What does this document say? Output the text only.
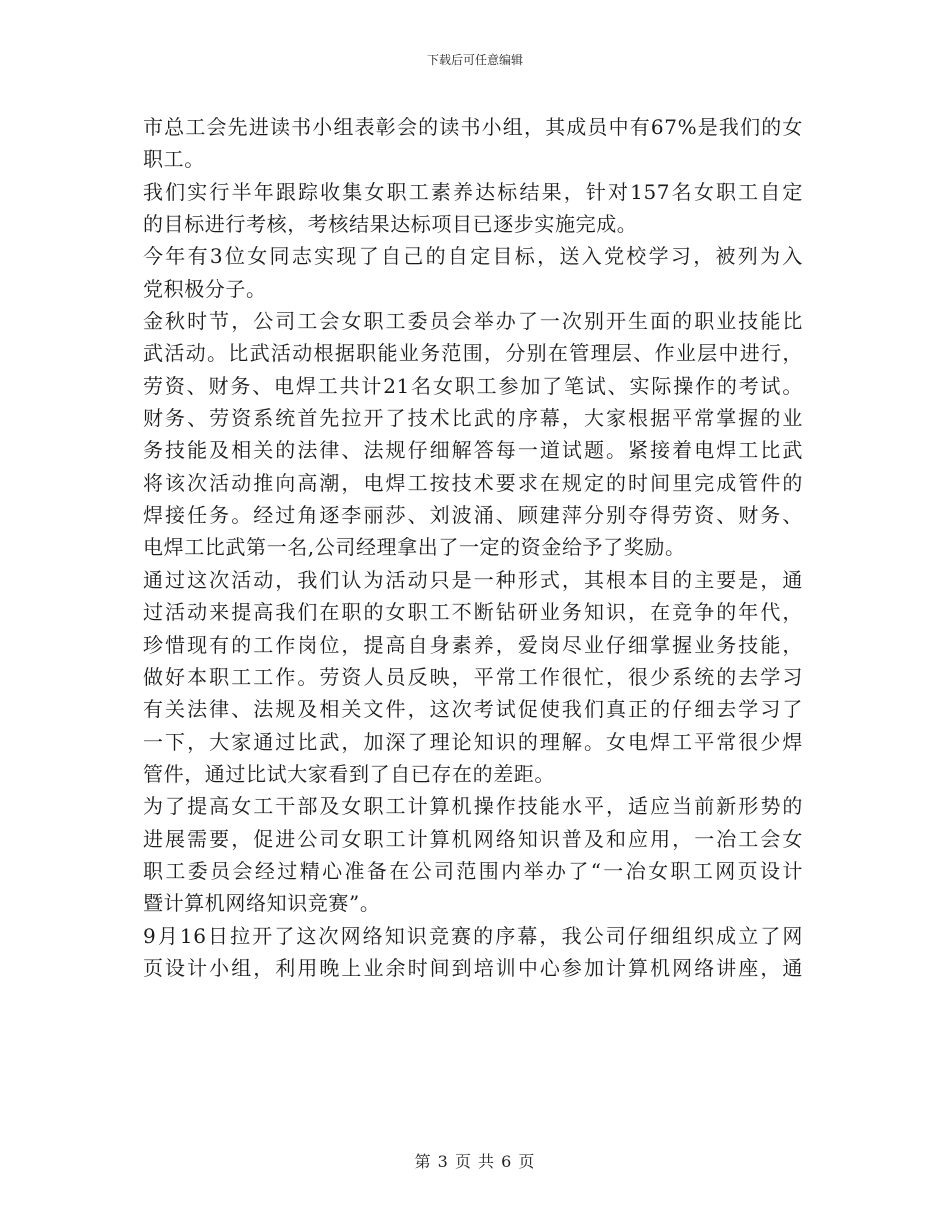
下载后可任意编辑
市总工会先进读书小组表彰会的读书小组，其成员中有67%是我们的女
职工。
我们实行半年跟踪收集女职工素养达标结果，针对157名女职工自定
的目标进行考核，考核结果达标项目已逐步实施完成。
今年有3位女同志实现了自己的自定目标，送入党校学习，被列为入
党积极分子。
金秋时节，公司工会女职工委员会举办了一次别开生面的职业技能比
武活动。比武活动根据职能业务范围，分别在管理层、作业层中进行，
劳资、财务、电焊工共计21名女职工参加了笔试、实际操作的考试。
财务、劳资系统首先拉开了技术比武的序幕，大家根据平常掌握的业
务技能及相关的法律、法规仔细解答每一道试题。紧接着电焊工比武
将该次活动推向高潮，电焊工按技术要求在规定的时间里完成管件的
焊接任务。经过角逐李丽莎、刘波涌、顾建萍分别夺得劳资、财务、
电焊工比武第一名,公司经理拿出了一定的资金给予了奖励。
通过这次活动，我们认为活动只是一种形式，其根本目的主要是，通
过活动来提高我们在职的女职工不断钻研业务知识，在竞争的年代，
珍惜现有的工作岗位，提高自身素养，爱岗尽业仔细掌握业务技能，
做好本职工工作。劳资人员反映，平常工作很忙，很少系统的去学习
有关法律、法规及相关文件，这次考试促使我们真正的仔细去学习了
一下，大家通过比武，加深了理论知识的理解。女电焊工平常很少焊
管件，通过比试大家看到了自已存在的差距。
为了提高女工干部及女职工计算机操作技能水平，适应当前新形势的
进展需要，促进公司女职工计算机网络知识普及和应用，一冶工会女
职工委员会经过精心准备在公司范围内举办了“一冶女职工网页设计
暨计算机网络知识竞赛”。
9月16日拉开了这次网络知识竞赛的序幕，我公司仔细组织成立了网
页设计小组，利用晚上业余时间到培训中心参加计算机网络讲座，通
第 3 页 共 6 页
